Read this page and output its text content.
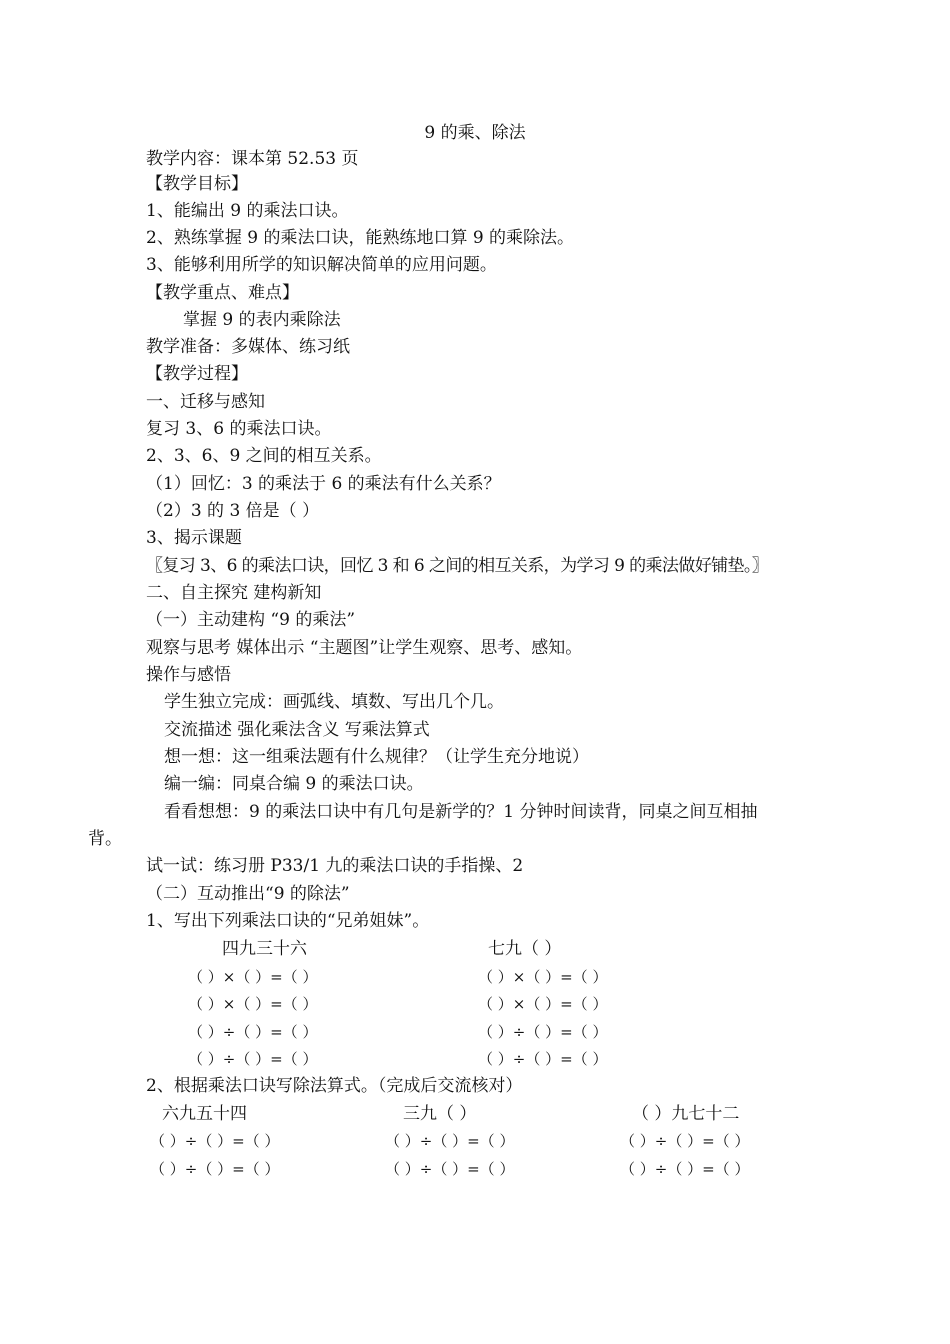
9 的乘、除法
教学内容：课本第 52.53 页
【教学目标】
1、能编出 9 的乘法口诀。
2、熟练掌握 9 的乘法口诀，能熟练地口算 9 的乘除法。
3、能够利用所学的知识解决简单的应用问题。
【教学重点、难点】
掌握 9 的表内乘除法
教学准备：多媒体、练习纸
【教学过程】
一、迁移与感知
复习 3、6 的乘法口诀。
2、3、6、9 之间的相互关系。
（1）回忆：3 的乘法于 6 的乘法有什么关系？
（2）3 的 3 倍是（ ）
3、揭示课题
〖复习 3、6 的乘法口诀，回忆 3 和 6 之间的相互关系，为学习 9 的乘法做好铺垫。〗
二、自主探究 建构新知
（一）主动建构 “9 的乘法”
观察与思考 媒体出示 “主题图”让学生观察、思考、感知。
操作与感悟
学生独立完成：画弧线、填数、写出几个几。
交流描述 强化乘法含义 写乘法算式
想一想：这一组乘法题有什么规律？（让学生充分地说）
编一编：同桌合编 9 的乘法口诀。
看看想想：9 的乘法口诀中有几句是新学的？1 分钟时间读背，同桌之间互相抽
背。
试一试：练习册 P33/1 九的乘法口诀的手指操、2
（二）互动推出“9 的除法”
1、写出下列乘法口诀的“兄弟姐妹”。
四九三十六	七九（ ）
（ ）×（ ）=（ ）	（ ）×（ ）=（ ）
（ ）×（ ）=（ ）	（ ）×（ ）=（ ）
（ ）÷（ ）=（ ）	（ ）÷（ ）=（ ）
（ ）÷（ ）=（ ）	（ ）÷（ ）=（ ）
2、根据乘法口诀写除法算式。（完成后交流核对）
六九五十四	三九（ ）	（ ）九七十二
（ ）÷（ ）=（ ）	（ ）÷（ ）=（ ）	（ ）÷（ ）=（ ）
（ ）÷（ ）=（ ）	（ ）÷（ ）=（ ）	（ ）÷（ ）=（ ）
